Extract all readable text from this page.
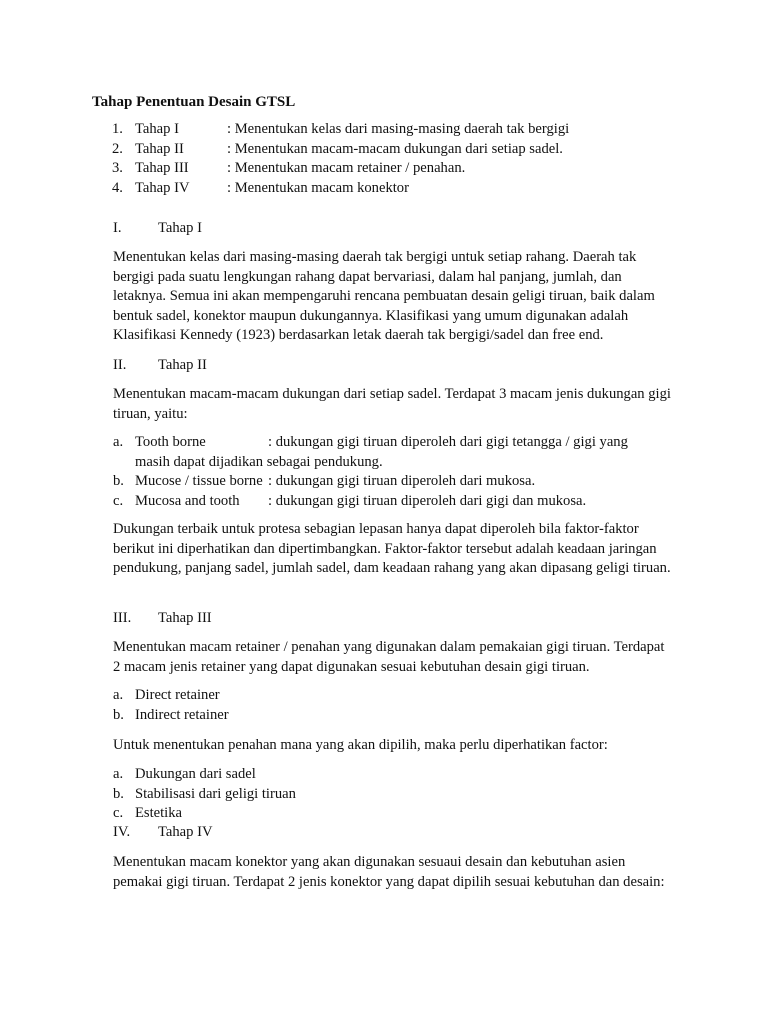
Tahap Penentuan Desain GTSL
1. Tahap I	: Menentukan kelas dari masing-masing daerah tak bergigi
2. Tahap II	: Menentukan macam-macam dukungan dari setiap sadel.
3. Tahap III	: Menentukan macam retainer / penahan.
4. Tahap IV	: Menentukan macam konektor
I.	Tahap I
Menentukan kelas dari masing-masing daerah tak bergigi untuk setiap rahang. Daerah tak bergigi pada suatu lengkungan rahang dapat bervariasi, dalam hal panjang, jumlah, dan letaknya. Semua ini akan mempengaruhi rencana pembuatan desain geligi tiruan, baik dalam bentuk sadel, konektor maupun dukungannya. Klasifikasi yang umum digunakan adalah Klasifikasi Kennedy (1923) berdasarkan letak daerah tak bergigi/sadel dan free end.
II.	Tahap II
Menentukan macam-macam dukungan dari setiap sadel. Terdapat 3 macam jenis dukungan gigi tiruan, yaitu:
a. Tooth borne	: dukungan gigi tiruan diperoleh dari gigi tetangga / gigi yang
masih dapat dijadikan sebagai pendukung.
b. Mucose / tissue borne : dukungan gigi tiruan diperoleh dari mukosa.
c. Mucosa and tooth	: dukungan gigi tiruan diperoleh dari gigi dan mukosa.
Dukungan terbaik untuk protesa sebagian lepasan hanya dapat diperoleh bila faktor-faktor berikut ini diperhatikan dan dipertimbangkan. Faktor-faktor tersebut adalah keadaan jaringan pendukung, panjang sadel, jumlah sadel, dam keadaan rahang yang akan dipasang geligi tiruan.
III.	Tahap III
Menentukan macam retainer / penahan yang digunakan dalam pemakaian gigi tiruan. Terdapat 2 macam jenis retainer yang dapat digunakan sesuai kebutuhan desain gigi tiruan.
a. Direct retainer
b. Indirect retainer
Untuk menentukan penahan mana yang akan dipilih, maka perlu diperhatikan factor:
a. Dukungan dari sadel
b. Stabilisasi dari geligi tiruan
c. Estetika
IV.	Tahap IV
Menentukan macam konektor yang akan digunakan sesuaui desain dan kebutuhan asien pemakai gigi tiruan. Terdapat 2 jenis konektor yang dapat dipilih sesuai kebutuhan dan desain:
